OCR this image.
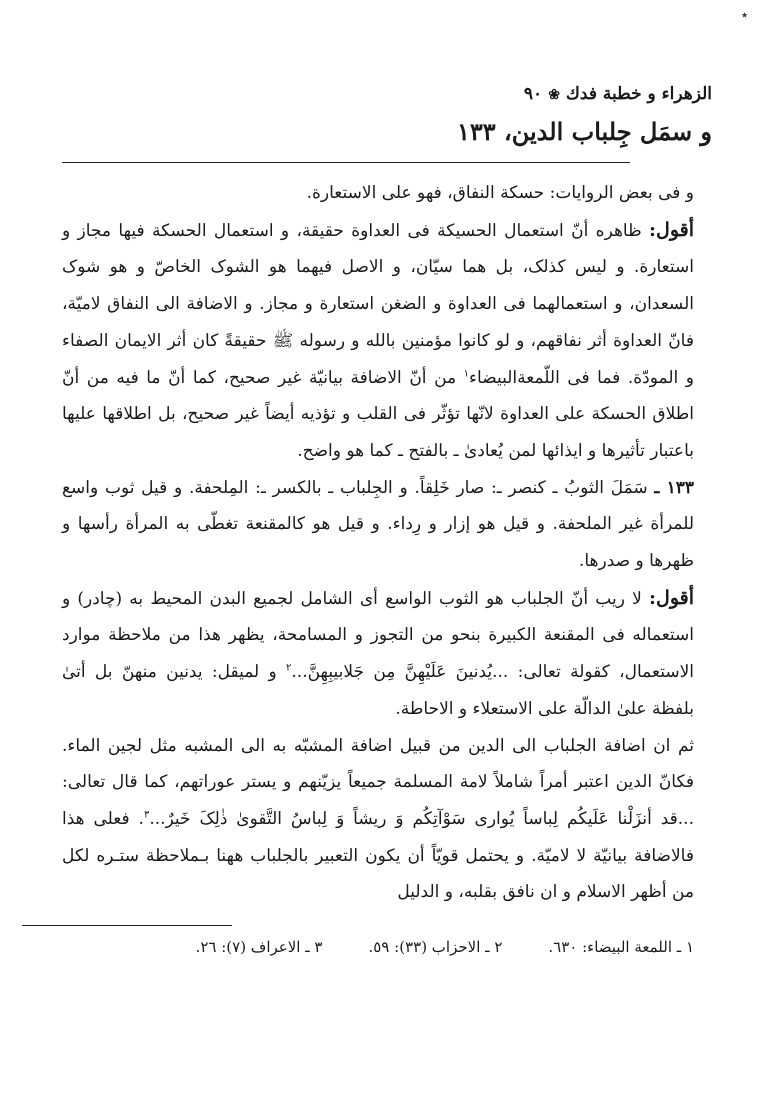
٭
الزهراء و خطبة فدك
❀
٩٠
و سمَل جِلباب الدين، ١٣٣

و فى بعض الروايات: حسكة النفاق، فهو على الاستعارة.

أقول: ظاهره أنّ استعمال الحسيكة فى العداوة حقيقة، و استعمال الحسكة فيها مجاز و استعارة. و ليس كذلک، بل هما سيّان، و الاصل فيهما هو الشوک الخاصّ و هو شوک السعدان، و استعمالهما فى العداوة و الضغن استعارة و مجاز. و الاضافة الى النفاق لاميّة، فانّ العداوة أثر نفاقهم، و لو كانوا مؤمنين بالله و رسوله ﷺ حقيقةً كان أثر الايمان الصفاء و المودّة. فما فى اللّمعةالبيضاء$^١$ من أنّ الاضافة بيانيّة غير صحيح، كما أنّ ما فيه من أنّ اطلاق الحسكة على العداوة لانّها تؤثّر فى القلب و تؤذيه أيضاً غير صحيح، بل اطلاقها عليها باعتبار تأثيرها و ايذائها لمن يُعادىٰ ـ بالفتح ـ كما هو واضح.

١٣٣ ـ سَمَلَ الثوبُ ـ كنصر ـ: صار خَلِقاً. و الجِلباب ـ بالكسر ـ: المِلحفة. و قيل ثوب واسع للمرأة غير الملحفة. و قيل هو إزار و رِداء. و قيل هو كالمقنعة تغطّى به المرأة رأسها و ظهرها و صدرها.

أقول: لا ريب أنّ الجلباب هو الثوب الواسع أى الشامل لجميع البدن المحيط به (چادر) و استعماله فى المقنعة الكبيرة بنحو من التجوز و المسامحة، يظهر هذا من ملاحظة موارد الاستعمال، كقولة تعالى: ...يُدنينَ عَلَيْهِنَّ مِن جَلابيبِهِنَّ...$^٢$ و لميقل: يدنين منهنّ بل أتىٰ بلفظة علىٰ الدالّة على الاستعلاء و الاحاطة.

ثم ان اضافة الجلباب الى الدين من قبيل اضافة المشبّه به الى المشبه مثل لجين الماء. فكانّ الدين اعتبر أمراً شاملاً لامة المسلمة جميعاً يزيّنهم و يستر عوراتهم، كما قال تعالى: ...قد أنزَلْنا عَلَيكُم لِباساً يُوارى سَوْآتِكُم وَ ريشاً وَ لِباسُ التَّقوىٰ ذٰلِکَ خَيرٌ...$^٣$. فعلى هذا فالاضافة بيانيّة لا لاميّة. و يحتمل قويّاً أن يكون التعبير بالجلباب ههنا بـملاحظة ستـره لكل من أظهر الاسلام و ان نافق بقلبه، و الدليل

١ ـ اللمعة البيضاء: ٦٣٠.
٢ ـ الاحزاب (٣٣): ٥٩.
٣ ـ الاعراف (٧): ٢٦.
